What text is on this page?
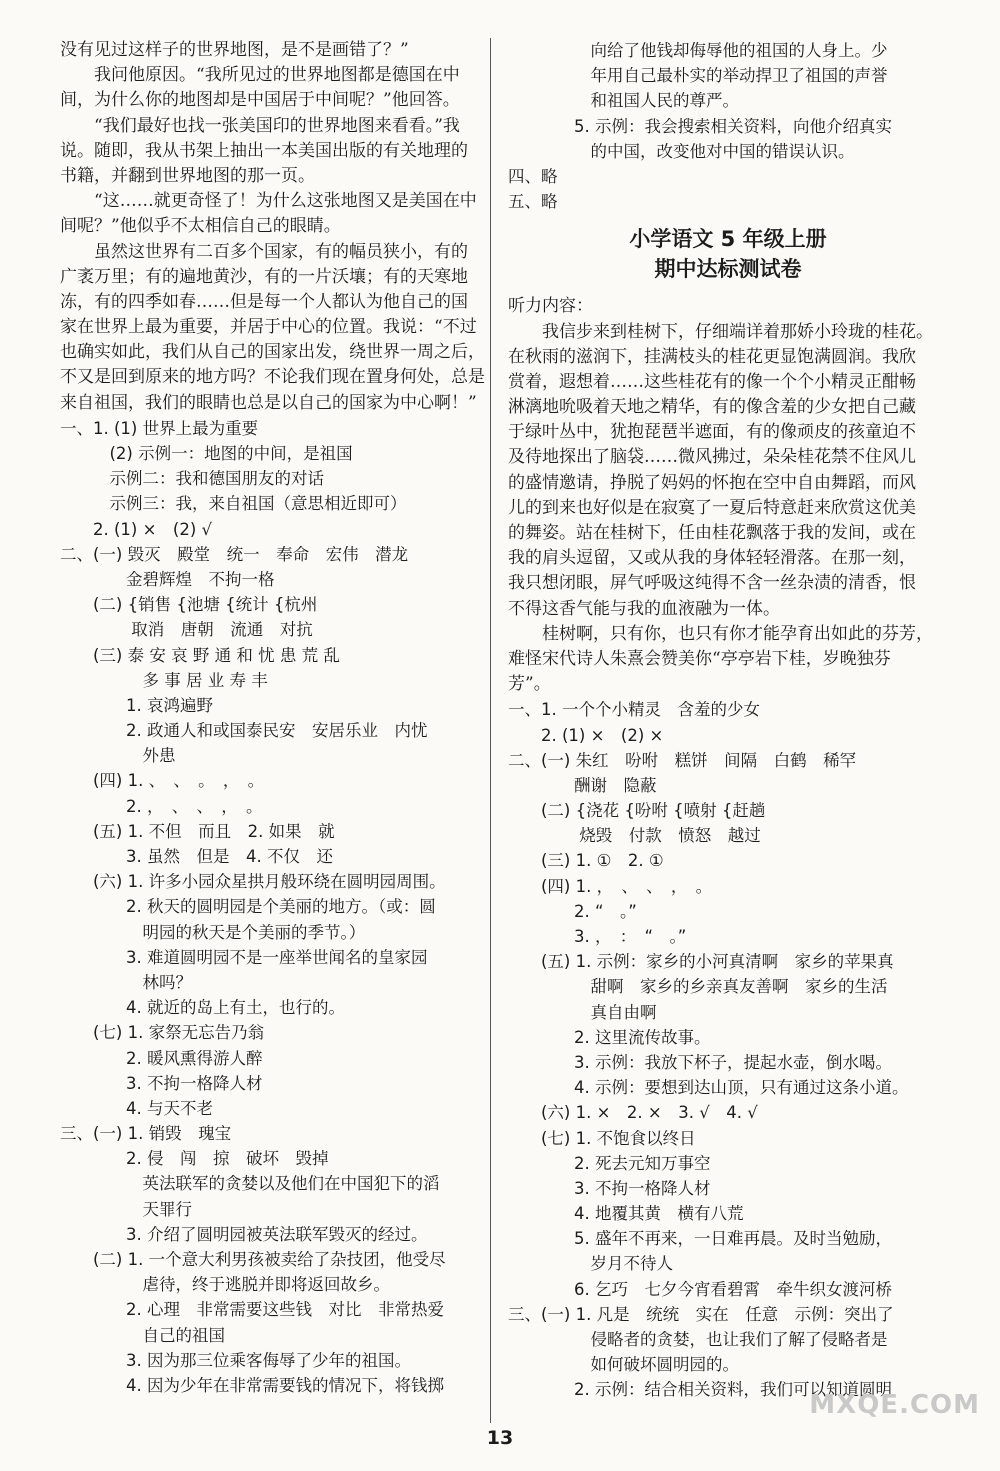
没有见过这样子的世界地图，是不是画错了？”
我问他原因。“我所见过的世界地图都是德国在中
间，为什么你的地图却是中国居于中间呢？”他回答。
“我们最好也找一张美国印的世界地图来看看。”我
说。随即，我从书架上抽出一本美国出版的有关地理的
书籍，并翻到世界地图的那一页。
“这……就更奇怪了！为什么这张地图又是美国在中
间呢？”他似乎不太相信自己的眼睛。
虽然这世界有二百多个国家，有的幅员狭小，有的
广袤万里；有的遍地黄沙，有的一片沃壤；有的天寒地
冻，有的四季如春……但是每一个人都认为他自己的国
家在世界上最为重要，并居于中心的位置。我说：“不过
也确实如此，我们从自己的国家出发，绕世界一周之后，
不又是回到原来的地方吗？不论我们现在置身何处，总是
来自祖国，我们的眼睛也总是以自己的国家为中心啊！”
一、1. (1) 世界上最为重要
　　　(2) 示例一：地图的中间，是祖国
　　　示例二：我和德国朋友的对话
　　　示例三：我，来自祖国（意思相近即可）
　　2. (1) ×　(2) √
二、(一) 毁灭　殿堂　统一　奉命　宏伟　潜龙
　　　　金碧辉煌　不拘一格
　　(二) {销售 {池塘 {统计 {杭州
　　　　 取消　唐朝　流通　对抗
　　(三) 泰 安 哀 野 通 和 忧 患 荒 乱
　　　　　多 事 居 业 寿 丰
　　　　1. 哀鸿遍野
　　　　2. 政通人和或国泰民安　安居乐业　内忧
　　　　　外患
　　(四) 1. 、　、　。　，　。
　　　　2. ，　、　、　，　。
　　(五) 1. 不但　而且　2. 如果　就
　　　　3. 虽然　但是　4. 不仅　还
　　(六) 1. 许多小园众星拱月般环绕在圆明园周围。
　　　　2. 秋天的圆明园是个美丽的地方。（或：圆
　　　　　明园的秋天是个美丽的季节。）
　　　　3. 难道圆明园不是一座举世闻名的皇家园
　　　　　林吗？
　　　　4. 就近的岛上有土，也行的。
　　(七) 1. 家祭无忘告乃翁
　　　　2. 暖风熏得游人醉
　　　　3. 不拘一格降人材
　　　　4. 与天不老
三、(一) 1. 销毁　瑰宝
　　　　2. 侵　闯　掠　破坏　毁掉
　　　　　英法联军的贪婪以及他们在中国犯下的滔
　　　　　天罪行
　　　　3. 介绍了圆明园被英法联军毁灭的经过。
　　(二) 1. 一个意大利男孩被卖给了杂技团，他受尽
　　　　　虐待，终于逃脱并即将返回故乡。
　　　　2. 心理　非常需要这些钱　对比　非常热爱
　　　　　自己的祖国
　　　　3. 因为那三位乘客侮辱了少年的祖国。
　　　　4. 因为少年在非常需要钱的情况下，将钱掷
　　　　　向给了他钱却侮辱他的祖国的人身上。少
　　　　　年用自己最朴实的举动捍卫了祖国的声誉
　　　　　和祖国人民的尊严。
　　　　5. 示例：我会搜索相关资料，向他介绍真实
　　　　　的中国，改变他对中国的错误认识。
四、略
五、略
小学语文 5 年级上册
期中达标测试卷
听力内容：
我信步来到桂树下，仔细端详着那娇小玲珑的桂花。
在秋雨的滋润下，挂满枝头的桂花更显饱满圆润。我欣
赏着，遐想着……这些桂花有的像一个个小精灵正酣畅
淋漓地吮吸着天地之精华，有的像含羞的少女把自己藏
于绿叶丛中，犹抱琵琶半遮面，有的像顽皮的孩童迫不
及待地探出了脑袋……微风拂过，朵朵桂花禁不住风儿
的盛情邀请，挣脱了妈妈的怀抱在空中自由舞蹈，而风
儿的到来也好似是在寂寞了一夏后特意赶来欣赏这优美
的舞姿。站在桂树下，任由桂花飘落于我的发间，或在
我的肩头逗留，又或从我的身体轻轻滑落。在那一刻，
我只想闭眼，屏气呼吸这纯得不含一丝杂渍的清香，恨
不得这香气能与我的血液融为一体。
桂树啊，只有你，也只有你才能孕育出如此的芬芳，
难怪宋代诗人朱熹会赞美你“亭亭岩下桂，岁晚独芬
芳”。
一、1. 一个个小精灵　含羞的少女
　　2. (1) ×　(2) ×
二、(一) 朱红　吩咐　糕饼　间隔　白鹤　稀罕
　　　　酬谢　隐蔽
　　(二) {浇花 {吩咐 {喷射 {赶趟
　　　　 烧毁　付款　愤怒　越过
　　(三) 1. ①　2. ①
　　(四) 1. ，　、　、　，　。
　　　　2. “　。”
　　　　3. ，　：　“　。”
　　(五) 1. 示例：家乡的小河真清啊　家乡的苹果真
　　　　　甜啊　家乡的乡亲真友善啊　家乡的生活
　　　　　真自由啊
　　　　2. 这里流传故事。
　　　　3. 示例：我放下杯子，提起水壶，倒水喝。
　　　　4. 示例：要想到达山顶，只有通过这条小道。
　　(六) 1. ×　2. ×　3. √　4. √
　　(七) 1. 不饱食以终日
　　　　2. 死去元知万事空
　　　　3. 不拘一格降人材
　　　　4. 地覆其黄　横有八荒
　　　　5. 盛年不再来，一日难再晨。及时当勉励，
　　　　　岁月不待人
　　　　6. 乞巧　七夕今宵看碧霄　牵牛织女渡河桥
三、(一) 1. 凡是　统统　实在　任意　示例：突出了
　　　　　侵略者的贪婪，也让我们了解了侵略者是
　　　　　如何破坏圆明园的。
　　　　2. 示例：结合相关资料，我们可以知道圆明
13
MXQE.COM
